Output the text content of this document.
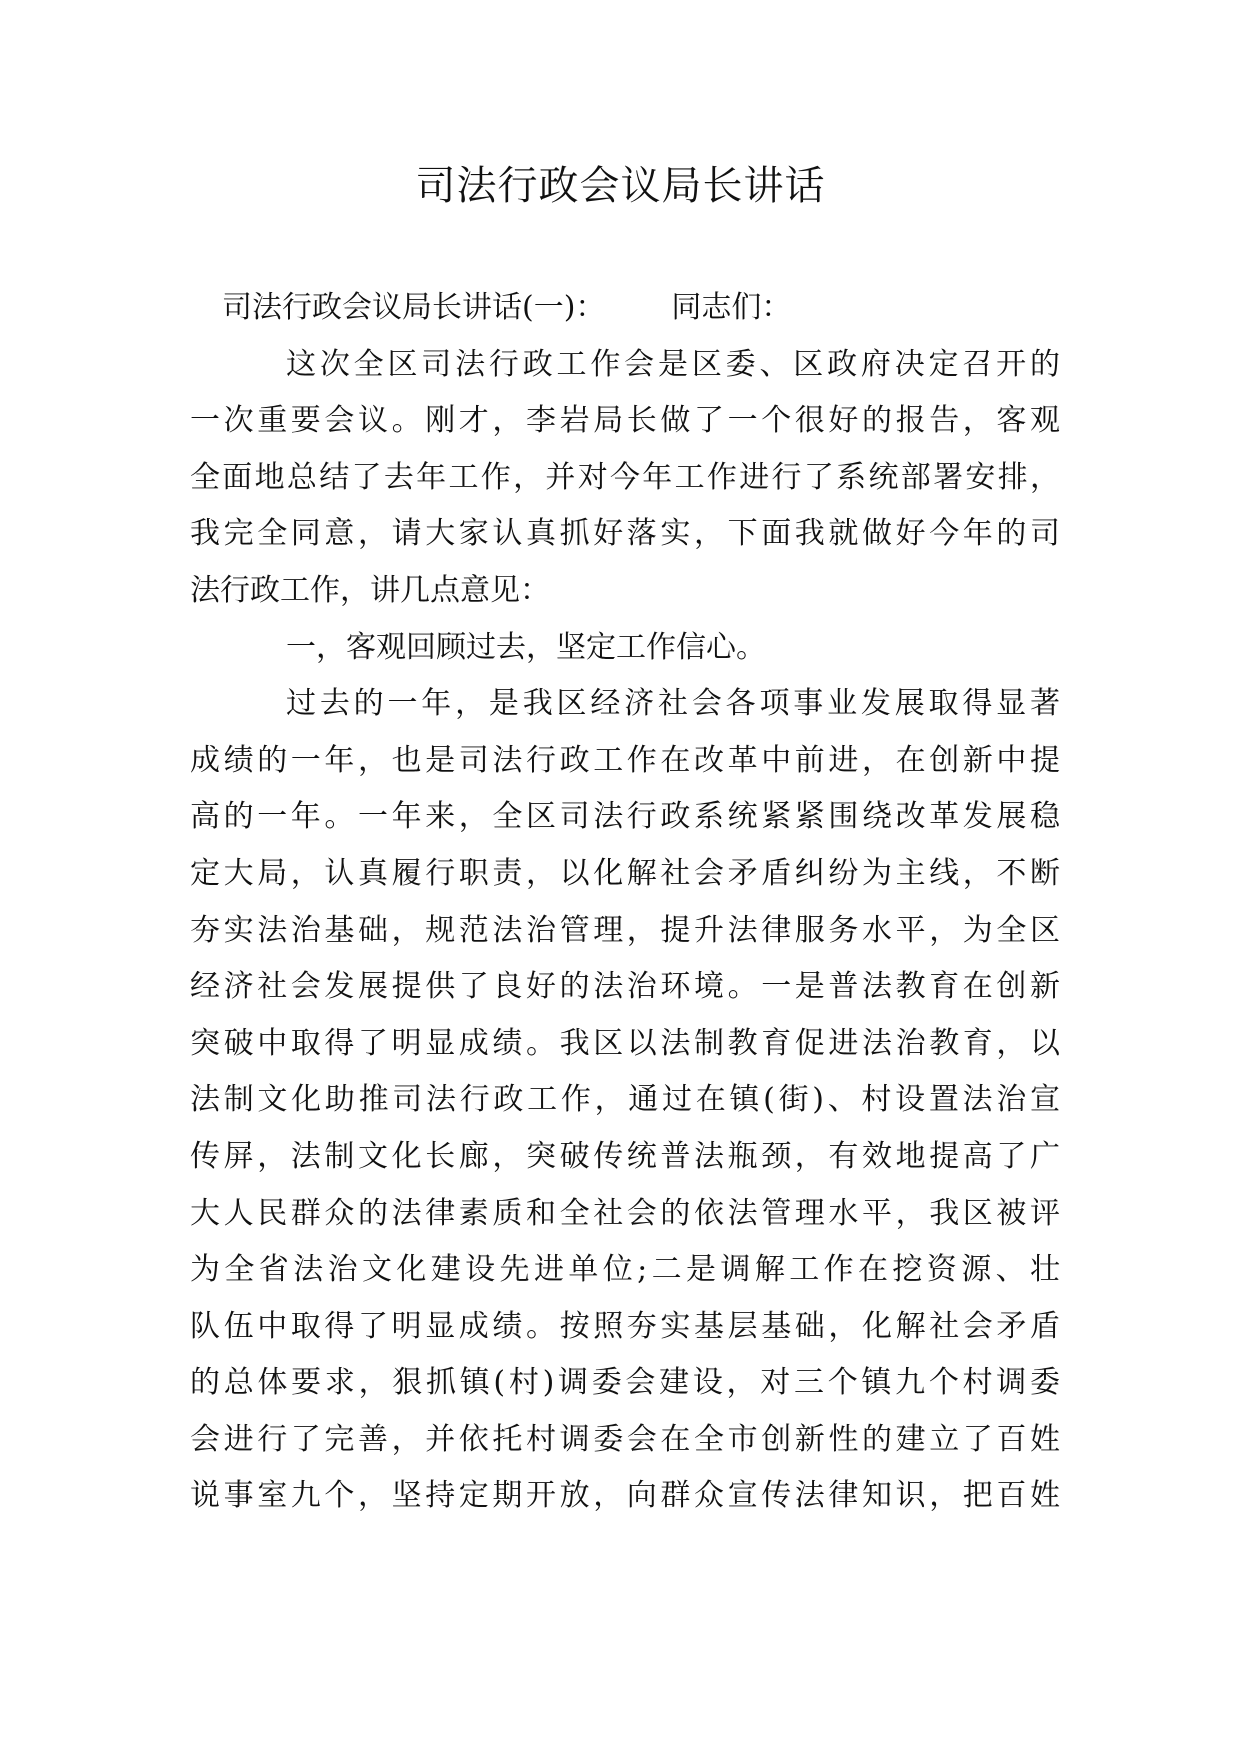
司法行政会议局长讲话
司法行政会议局长讲话(一)： 同志们：
这次全区司法行政工作会是区委、区政府决定召开的
一次重要会议。刚才，李岩局长做了一个很好的报告，客观
全面地总结了去年工作，并对今年工作进行了系统部署安排，
我完全同意，请大家认真抓好落实，下面我就做好今年的司
法行政工作，讲几点意见：
一，客观回顾过去，坚定工作信心。
过去的一年，是我区经济社会各项事业发展取得显著
成绩的一年，也是司法行政工作在改革中前进，在创新中提
高的一年。一年来，全区司法行政系统紧紧围绕改革发展稳
定大局，认真履行职责，以化解社会矛盾纠纷为主线，不断
夯实法治基础，规范法治管理，提升法律服务水平，为全区
经济社会发展提供了良好的法治环境。一是普法教育在创新
突破中取得了明显成绩。我区以法制教育促进法治教育，以
法制文化助推司法行政工作，通过在镇(街)、村设置法治宣
传屏，法制文化长廊，突破传统普法瓶颈，有效地提高了广
大人民群众的法律素质和全社会的依法管理水平，我区被评
为全省法治文化建设先进单位;二是调解工作在挖资源、壮
队伍中取得了明显成绩。按照夯实基层基础，化解社会矛盾
的总体要求，狠抓镇(村)调委会建设，对三个镇九个村调委
会进行了完善，并依托村调委会在全市创新性的建立了百姓
说事室九个，坚持定期开放，向群众宣传法律知识，把百姓
